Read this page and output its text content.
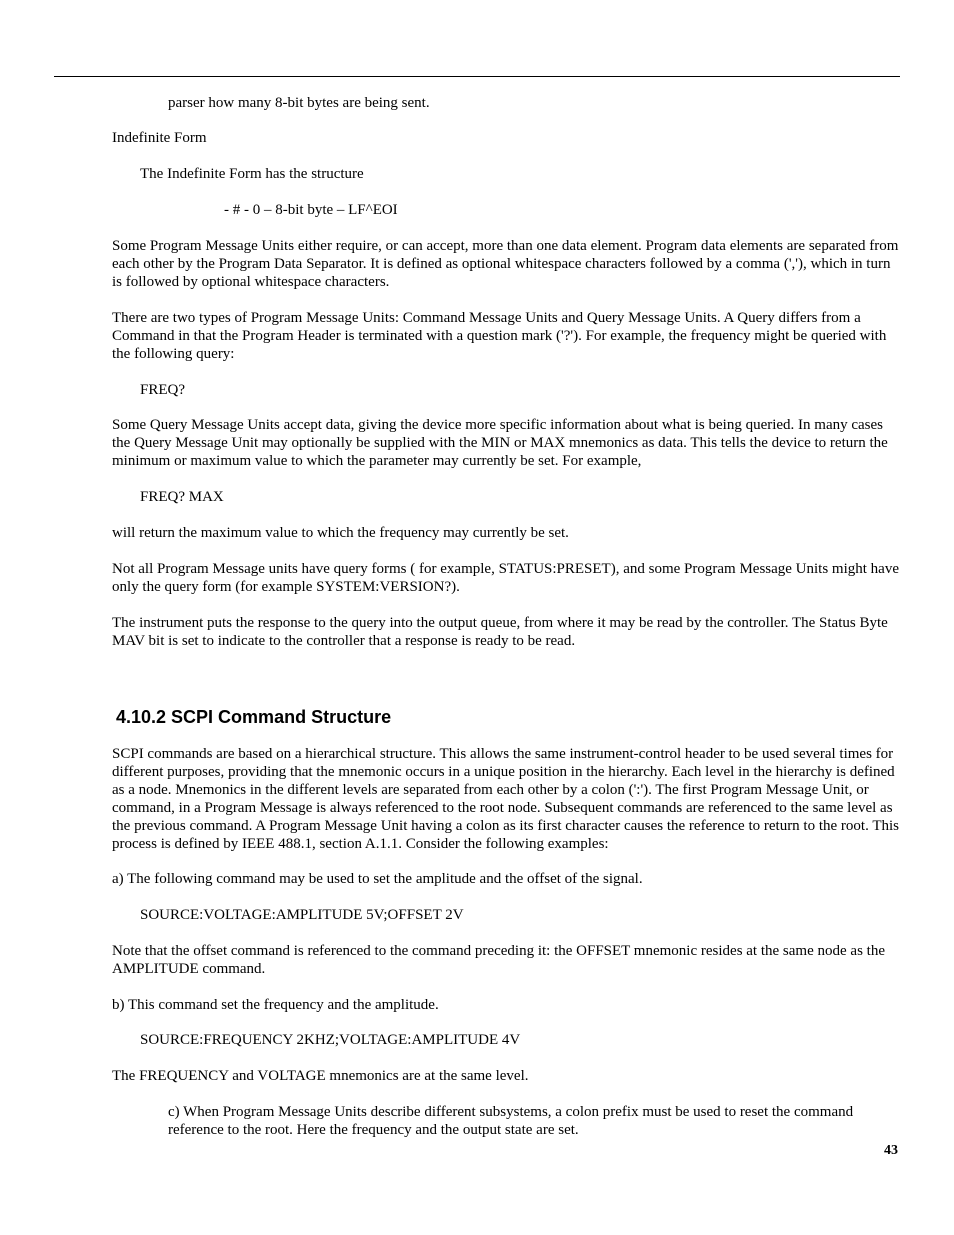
parser how many 8-bit bytes are being sent.

Indefinite Form

The Indefinite Form has the structure

- # - 0 – 8-bit byte – LF^EOI

Some Program Message Units either require, or can accept, more than one data element. Program data elements are separated from each other by the Program Data Separator. It is defined as optional whitespace characters followed by a comma (','), which in turn is followed by optional whitespace characters.

There are two types of Program Message Units: Command Message Units and Query Message Units. A Query differs from a Command in that the Program Header is terminated with a question mark ('?'). For example, the frequency might be queried with the following query:

FREQ?

Some Query Message Units accept data, giving the device more specific information about what is being queried. In many cases the Query Message Unit may optionally be supplied with the MIN or MAX mnemonics as data. This tells the device to return the minimum or maximum value to which the parameter may currently be set. For example,

FREQ? MAX

will return the maximum value to which the frequency may currently be set.

Not all Program Message units have query forms ( for example, STATUS:PRESET), and some Program Message Units might have only the query form (for example SYSTEM:VERSION?).

The instrument puts the response to the query into the output queue, from where it may be read by the controller. The Status Byte MAV bit is set to indicate to the controller that a response is ready to be read.

4.10.2 SCPI Command Structure

SCPI commands are based on a hierarchical structure. This allows the same instrument-control header to be used several times for different purposes, providing that the mnemonic occurs in a unique position in the hierarchy. Each level in the hierarchy is defined as a node. Mnemonics in the different levels are separated from each other by a colon (':'). The first Program Message Unit, or command, in a Program Message is always referenced to the root node. Subsequent commands are referenced to the same level as the previous command. A Program Message Unit having a colon as its first character causes the reference to return to the root. This process is defined by IEEE 488.1, section A.1.1. Consider the following examples:

a) The following command may be used to set the amplitude and the offset of the signal.

SOURCE:VOLTAGE:AMPLITUDE 5V;OFFSET 2V

Note that the offset command is referenced to the command preceding it: the OFFSET mnemonic resides at the same node as the AMPLITUDE command.

b) This command set the frequency and the amplitude.

SOURCE:FREQUENCY 2KHZ;VOLTAGE:AMPLITUDE 4V

The FREQUENCY and VOLTAGE mnemonics are at the same level.

c) When Program Message Units describe different subsystems, a colon prefix must be used to reset the command reference to the root. Here the frequency and the output state are set.

43
